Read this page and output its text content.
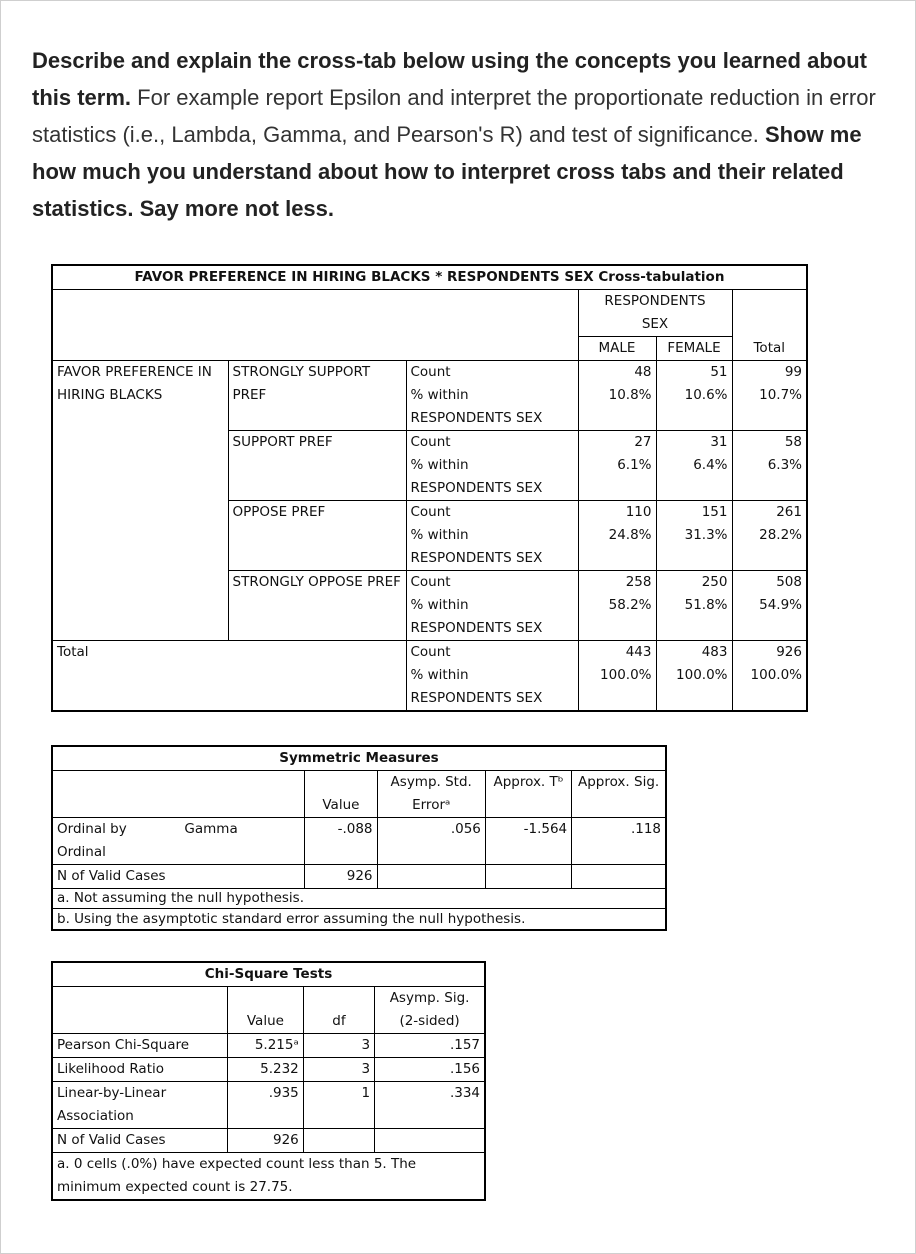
Describe and explain the cross-tab below using the concepts you learned about this term. For example report Epsilon and interpret the proportionate reduction in error statistics (i.e., Lambda, Gamma, and Pearson's R) and test of significance. Show me how much you understand about how to interpret cross tabs and their related statistics. Say more not less.
FAVOR PREFERENCE IN HIRING BLACKS * RESPONDENTS SEX Cross-tabulation					
			RESPONDENTS SEX		Total
			MALE	FEMALE	
FAVOR PREFERENCE IN HIRING BLACKS	STRONGLY SUPPORT PREF	Count	48	51	99
		% within RESPONDENTS SEX	10.8%	10.6%	10.7%

	SUPPORT PREF	Count	27	31	58
		% within RESPONDENTS SEX	6.1%	6.4%	6.3%

	OPPOSE PREF	Count	110	151	261
		% within RESPONDENTS SEX	24.8%	31.3%	28.2%

	STRONGLY OPPOSE PREF	Count	258	250	508
		% within RESPONDENTS SEX	58.2%	51.8%	54.9%

Total		Count	443	483	926
		% within RESPONDENTS SEX	100.0%	100.0%	100.0%

Symmetric Measures					
		Value	Asymp. Std. Errorᵃ	Approx. Tᵇ	Approx. Sig.
Ordinal by Ordinal	Gamma	-.088	.056	-1.564	.118
N of Valid Cases		926			
a. Not assuming the null hypothesis.					
b. Using the asymptotic standard error assuming the null hypothesis.					
Chi-Square Tests			
	Value	df	Asymp. Sig. (2-sided)
Pearson Chi-Square	5.215ᵃ	3	.157
Likelihood Ratio	5.232	3	.156
Linear-by-Linear Association	.935	1	.334
N of Valid Cases	926		
a. 0 cells (.0%) have expected count less than 5. The minimum expected count is 27.75.			
